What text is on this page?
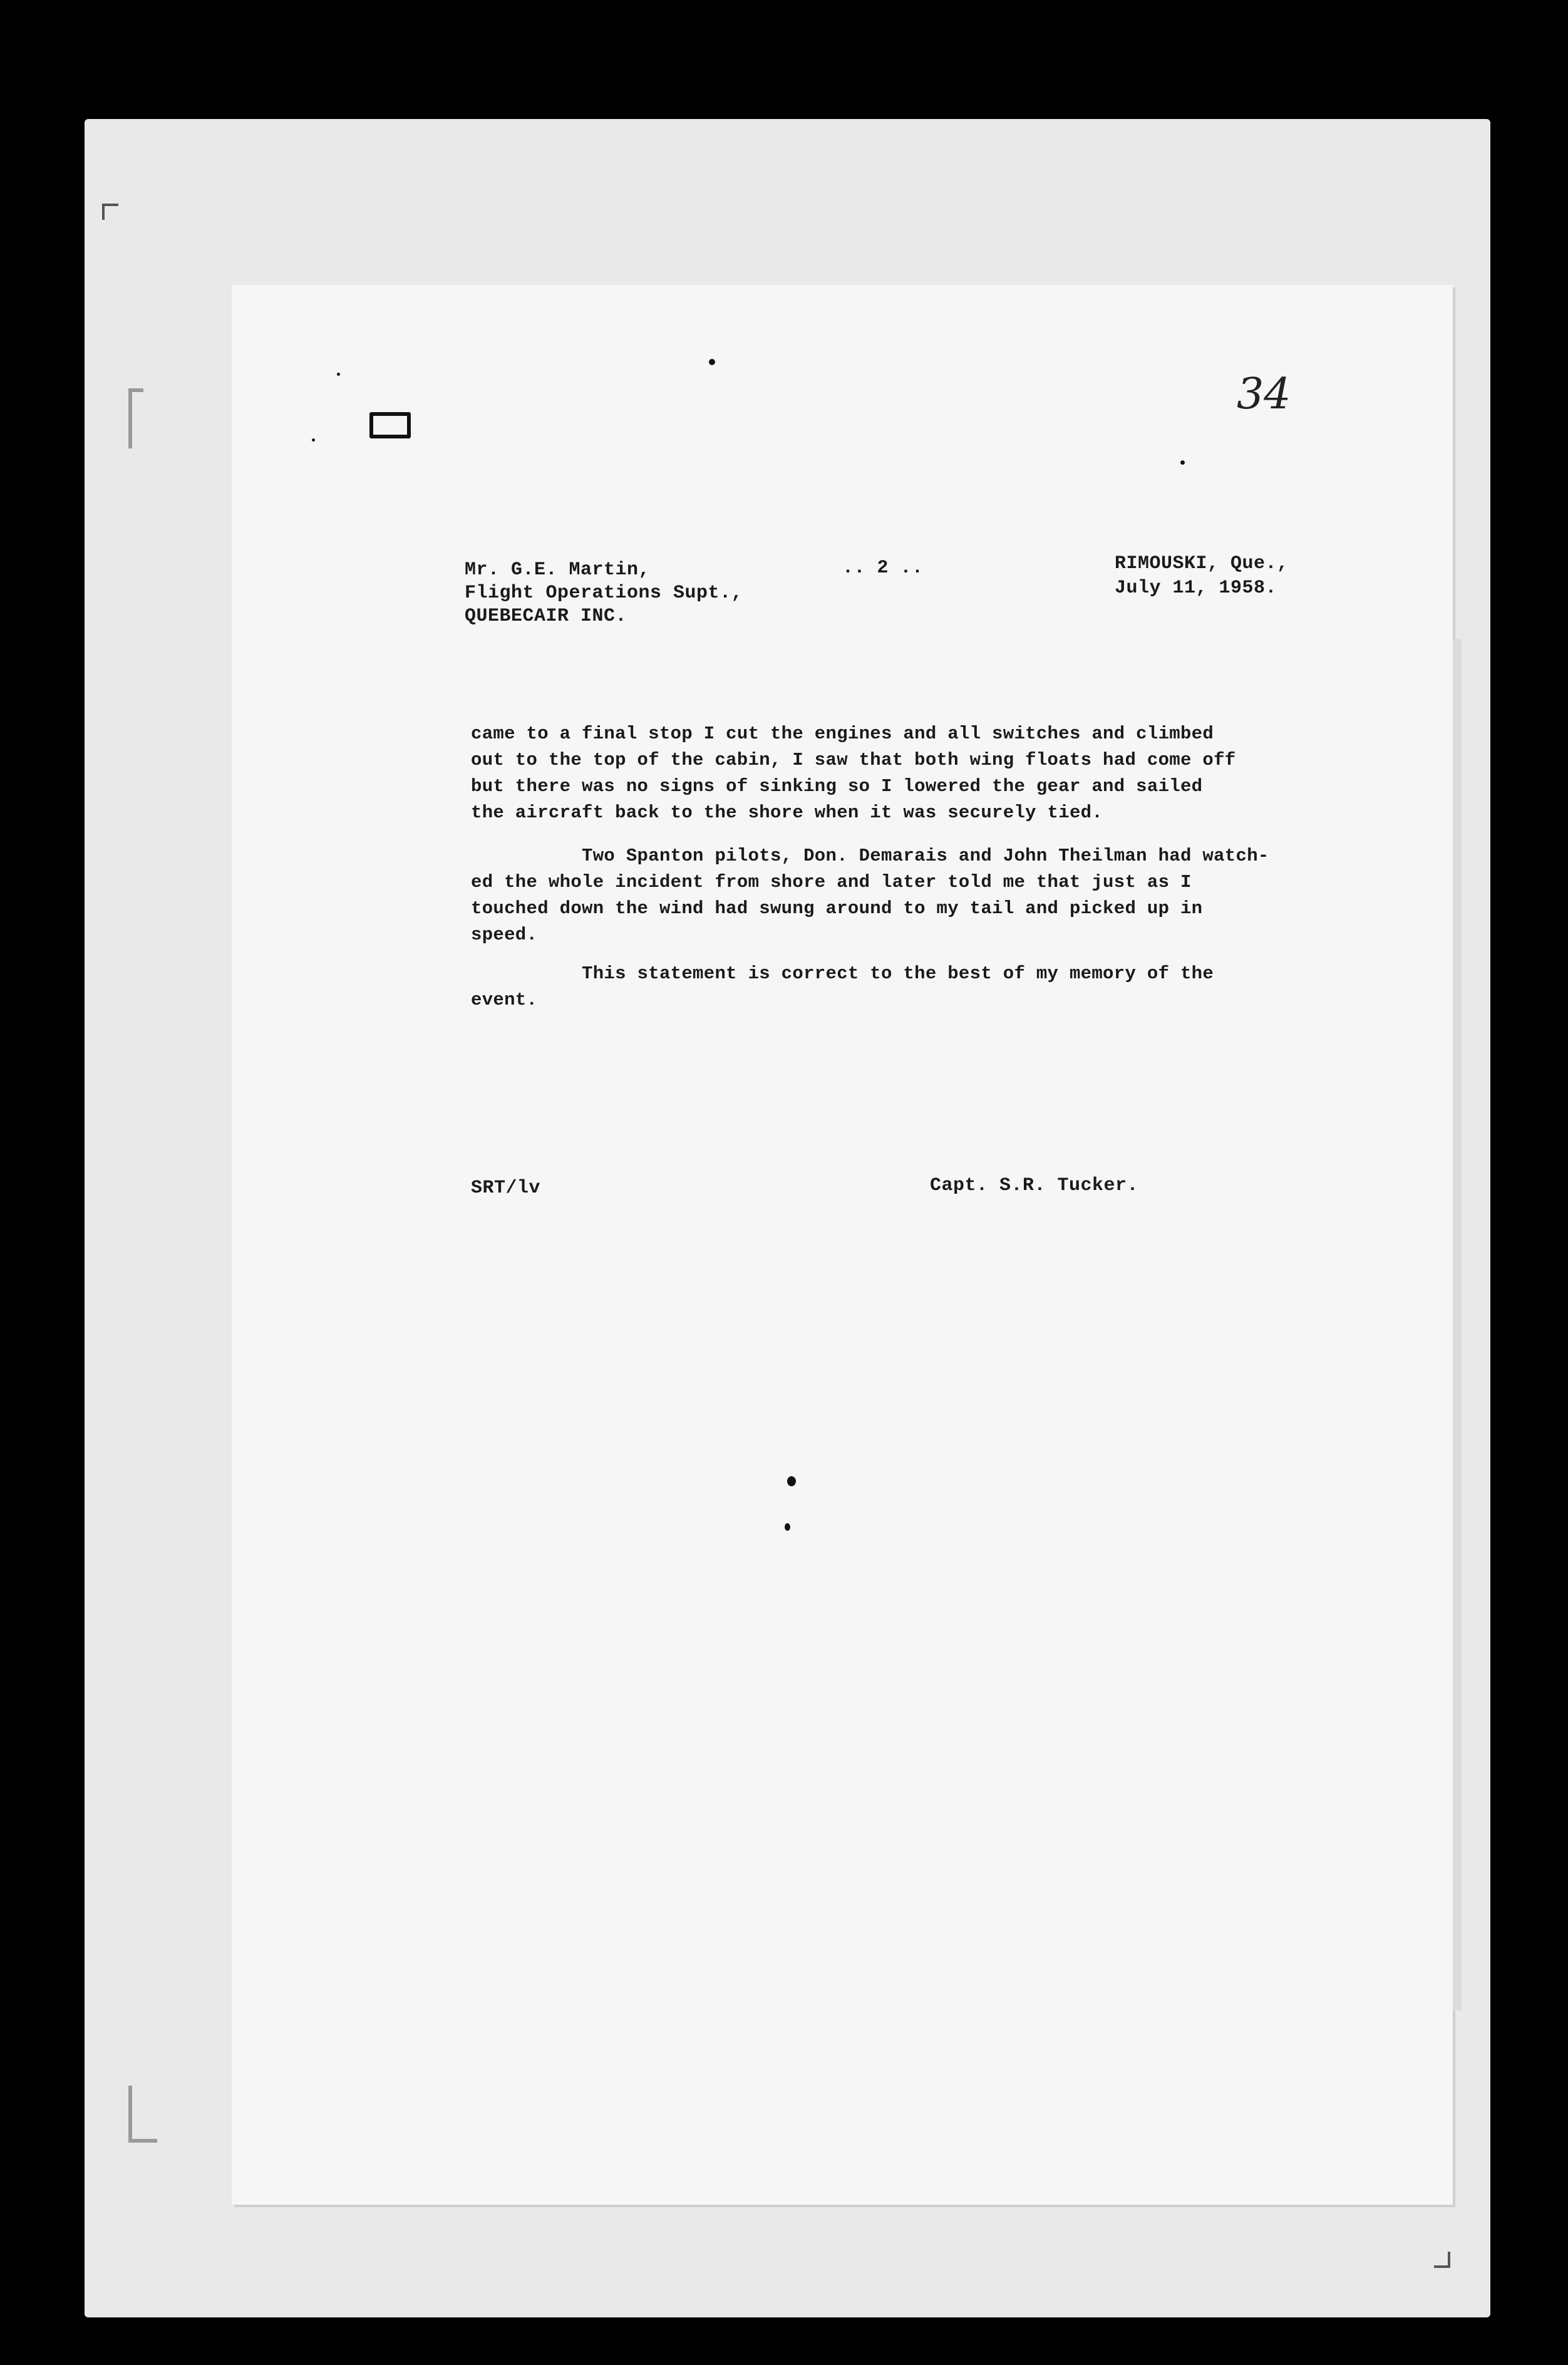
34
Mr. G.E. Martin,
Flight Operations Supt.,
QUEBECAIR INC.
.. 2 ..	RIMOUSKI, Que.,
July 11, 1958.
came to a final stop I cut the engines and all switches and climbed
out to the top of the cabin, I saw that both wing floats had come off
but there was no signs of sinking so I lowered the gear and sailed
the aircraft back to the shore when it was securely tied.
Two Spanton pilots, Don. Demarais and John Theilman had watch-
ed the whole incident from shore and later told me that just as I
touched down the wind had swung around to my tail and picked up in
speed.
This statement is correct to the best of my memory of the
event.
SRT/lv	Capt. S.R. Tucker.
